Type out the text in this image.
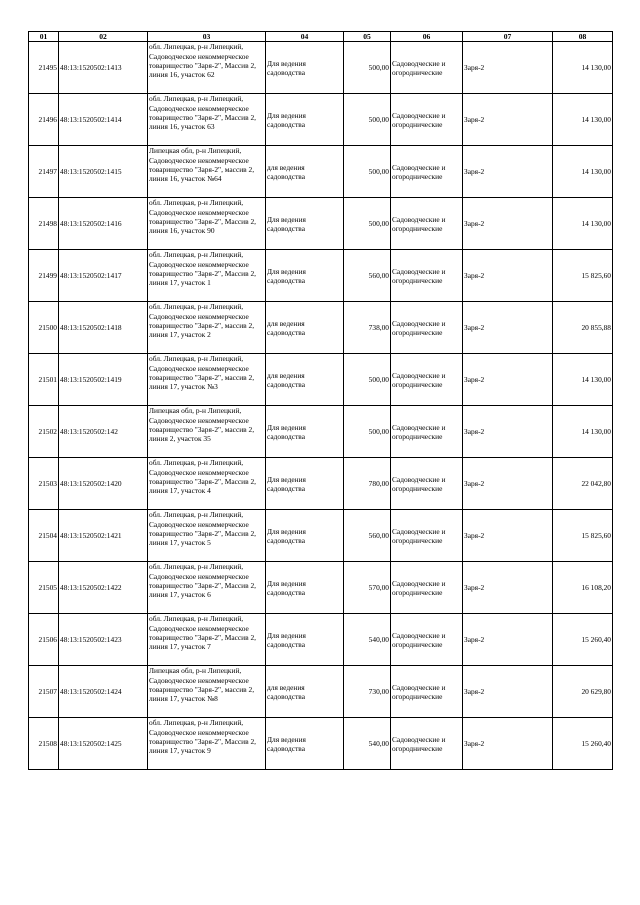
01	02	03	04	05	06	07	08
21495	48:13:1520502:1413	обл. Липецкая, р-н Липецкий, Садоводческое некоммерческое товарищество "Заря-2", Массив 2, линия 16, участок 62	Для ведения садоводства	500,00	Садоводческие и огороднические	Заря-2	14 130,00
21496	48:13:1520502:1414	обл. Липецкая, р-н Липецкий, Садоводческое некоммерческое товарищество "Заря-2", Массив 2, линия 16, участок 63	Для ведения садоводства	500,00	Садоводческие и огороднические	Заря-2	14 130,00
21497	48:13:1520502:1415	Липецкая обл, р-н Липецкий, Садоводческое некоммерческое товарищество "Заря-2", массив 2, линия 16, участок №64	для ведения садоводства	500,00	Садоводческие и огороднические	Заря-2	14 130,00
21498	48:13:1520502:1416	обл. Липецкая, р-н Липецкий, Садоводческое некоммерческое товарищество "Заря-2", Массив 2, линия 16, участок 90	Для ведения садоводства	500,00	Садоводческие и огороднические	Заря-2	14 130,00
21499	48:13:1520502:1417	обл. Липецкая, р-н Липецкий, Садоводческое некоммерческое товарищество "Заря-2", Массив 2, линия 17, участок 1	Для ведения садоводства	560,00	Садоводческие и огороднические	Заря-2	15 825,60
21500	48:13:1520502:1418	обл. Липецкая, р-н Липецкий, Садоводческое некоммерческое товарищество "Заря-2", массив 2, линия 17, участок 2	для ведения садоводства	738,00	Садоводческие и огороднические	Заря-2	20 855,88
21501	48:13:1520502:1419	обл. Липецкая, р-н Липецкий, Садоводческое некоммерческое товарищество "Заря-2", массив 2, линия 17, участок №3	для ведения садоводства	500,00	Садоводческие и огороднические	Заря-2	14 130,00
21502	48:13:1520502:142	Липецкая обл, р-н Липецкий, Садоводческое некоммерческое товарищество "Заря-2", массив 2, линия 2, участок 35	Для ведения садоводства	500,00	Садоводческие и огороднические	Заря-2	14 130,00
21503	48:13:1520502:1420	обл. Липецкая, р-н Липецкий, Садоводческое некоммерческое товарищество "Заря-2", Массив 2, линия 17, участок 4	Для ведения садоводства	780,00	Садоводческие и огороднические	Заря-2	22 042,80
21504	48:13:1520502:1421	обл. Липецкая, р-н Липецкий, Садоводческое некоммерческое товарищество "Заря-2", Массив 2, линия 17, участок 5	Для ведения садоводства	560,00	Садоводческие и огороднические	Заря-2	15 825,60
21505	48:13:1520502:1422	обл. Липецкая, р-н Липецкий, Садоводческое некоммерческое товарищество "Заря-2", Массив 2, линия 17, участок 6	Для ведения садоводства	570,00	Садоводческие и огороднические	Заря-2	16 108,20
21506	48:13:1520502:1423	обл. Липецкая, р-н Липецкий, Садоводческое некоммерческое товарищество "Заря-2", Массив 2, линия 17, участок 7	Для ведения садоводства	540,00	Садоводческие и огороднические	Заря-2	15 260,40
21507	48:13:1520502:1424	Липецкая обл, р-н Липецкий, Садоводческое некоммерческое товарищество "Заря-2", массив 2, линия 17, участок №8	для ведения садоводства	730,00	Садоводческие и огороднические	Заря-2	20 629,80
21508	48:13:1520502:1425	обл. Липецкая, р-н Липецкий, Садоводческое некоммерческое товарищество "Заря-2", Массив 2, линия 17, участок 9	Для ведения садоводства	540,00	Садоводческие и огороднические	Заря-2	15 260,40
